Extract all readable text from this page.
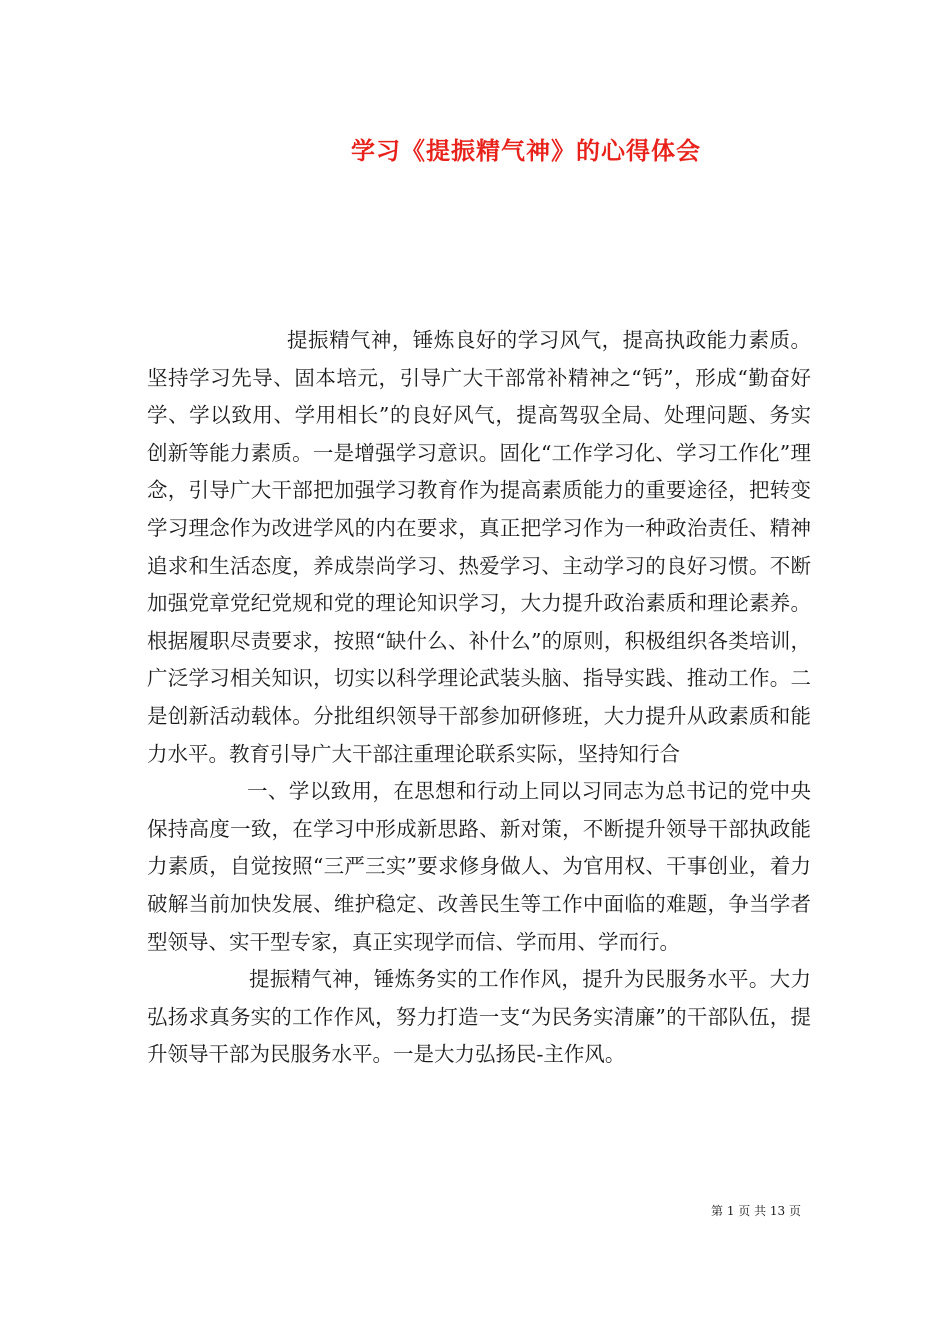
学习《提振精气神》的心得体会

提振精气神，锤炼良好的学习风气，提高执政能力素质。坚持学习先导、固本培元，引导广大干部常补精神之“钙”，形成“勤奋好学、学以致用、学用相长”的良好风气，提高驾驭全局、处理问题、务实创新等能力素质。一是增强学习意识。固化“工作学习化、学习工作化”理念，引导广大干部把加强学习教育作为提高素质能力的重要途径，把转变学习理念作为改进学风的内在要求，真正把学习作为一种政治责任、精神追求和生活态度，养成崇尚学习、热爱学习、主动学习的良好习惯。不断加强党章党纪党规和党的理论知识学习，大力提升政治素质和理论素养。根据履职尽责要求，按照“缺什么、补什么”的原则，积极组织各类培训，广泛学习相关知识，切实以科学理论武装头脑、指导实践、推动工作。二是创新活动载体。分批组织领导干部参加研修班，大力提升从政素质和能力水平。教育引导广大干部注重理论联系实际，坚持知行合

一、学以致用，在思想和行动上同以习同志为总书记的党中央保持高度一致，在学习中形成新思路、新对策，不断提升领导干部执政能力素质，自觉按照“三严三实”要求修身做人、为官用权、干事创业，着力破解当前加快发展、维护稳定、改善民生等工作中面临的难题，争当学者型领导、实干型专家，真正实现学而信、学而用、学而行。

提振精气神，锤炼务实的工作作风，提升为民服务水平。大力弘扬求真务实的工作作风，努力打造一支“为民务实清廉”的干部队伍，提升领导干部为民服务水平。一是大力弘扬民-主作风。

第 1 页 共 13 页
